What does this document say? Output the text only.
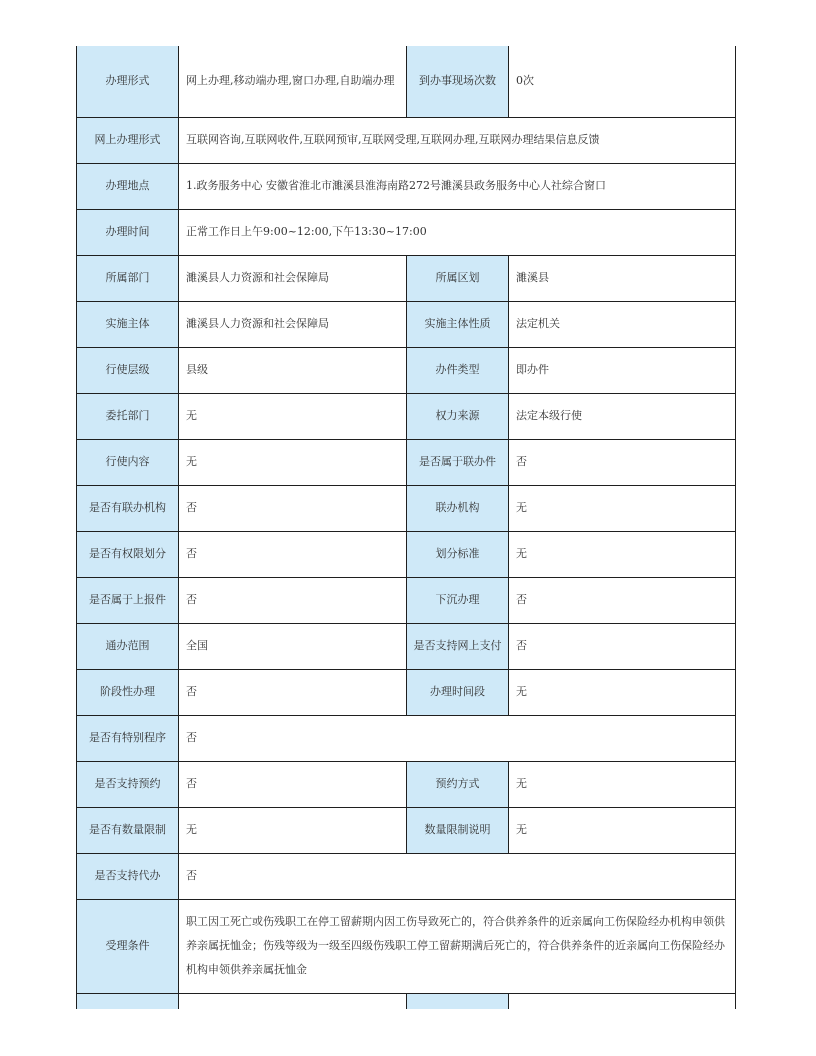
办理形式	网上办理,移动端办理,窗口办理,自助端办理	到办事现场次数	0次
网上办理形式	互联网咨询,互联网收件,互联网预审,互联网受理,互联网办理,互联网办理结果信息反馈		
办理地点	1.政务服务中心 安徽省淮北市濉溪县淮海南路272号濉溪县政务服务中心人社综合窗口		
办理时间	正常工作日上午9:00~12:00,下午13:30~17:00		
所属部门	濉溪县人力资源和社会保障局	所属区划	濉溪县
实施主体	濉溪县人力资源和社会保障局	实施主体性质	法定机关
行使层级	县级	办件类型	即办件
委托部门	无	权力来源	法定本级行使
行使内容	无	是否属于联办件	否
是否有联办机构	否	联办机构	无
是否有权限划分	否	划分标准	无
是否属于上报件	否	下沉办理	否
通办范围	全国	是否支持网上支付	否
阶段性办理	否	办理时间段	无
是否有特别程序	否		
是否支持预约	否	预约方式	无
是否有数量限制	无	数量限制说明	无
是否支持代办	否		
受理条件	职工因工死亡或伤残职工在停工留薪期内因工伤导致死亡的，符合供养条件的近亲属向工伤保险经办机构申领供养亲属抚恤金；伤残等级为一级至四级伤残职工停工留薪期满后死亡的，符合供养条件的近亲属向工伤保险经办机构申领供养亲属抚恤金		
